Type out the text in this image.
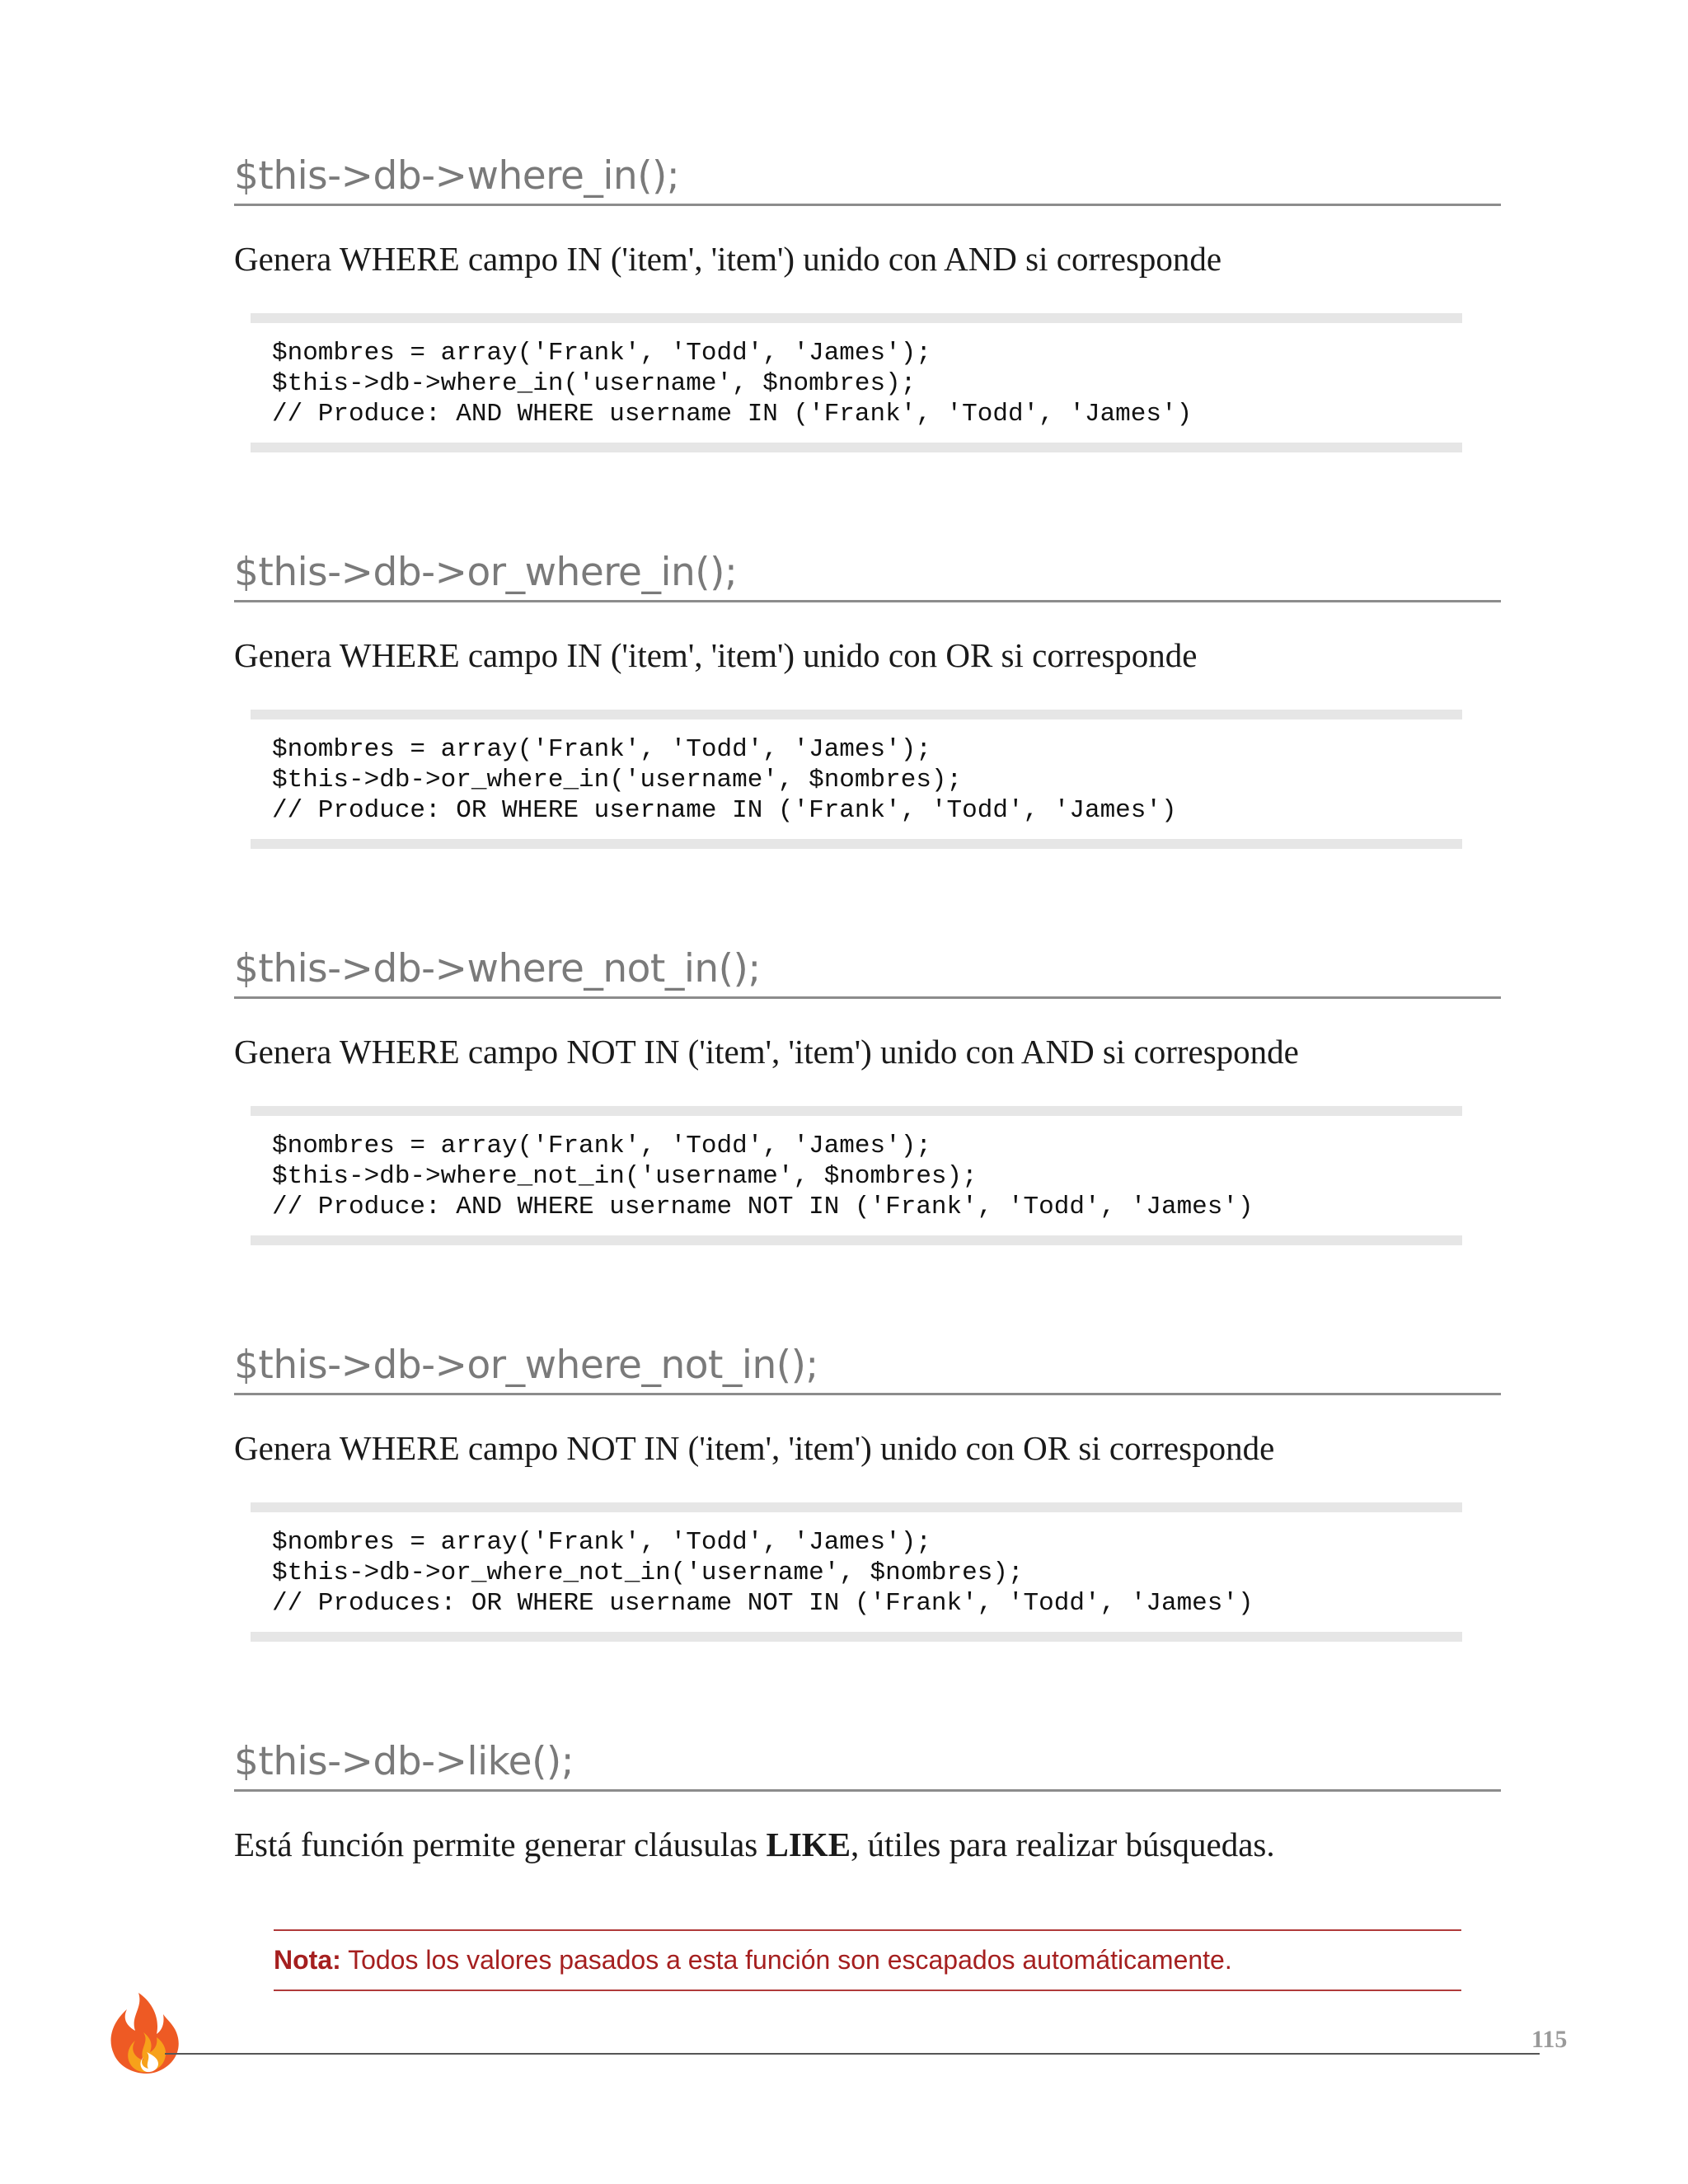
$this->db->where_in();
Genera WHERE campo IN ('item', 'item') unido con AND si corresponde
$nombres = array('Frank', 'Todd', 'James');
$this->db->where_in('username', $nombres);
// Produce: AND WHERE username IN ('Frank', 'Todd', 'James')
$this->db->or_where_in();
Genera WHERE campo IN ('item', 'item') unido con OR si corresponde
$nombres = array('Frank', 'Todd', 'James');
$this->db->or_where_in('username', $nombres);
// Produce: OR WHERE username IN ('Frank', 'Todd', 'James')
$this->db->where_not_in();
Genera WHERE campo NOT IN ('item', 'item') unido con AND si corresponde
$nombres = array('Frank', 'Todd', 'James');
$this->db->where_not_in('username', $nombres);
// Produce: AND WHERE username NOT IN ('Frank', 'Todd', 'James')
$this->db->or_where_not_in();
Genera WHERE campo NOT IN ('item', 'item') unido con OR si corresponde
$nombres = array('Frank', 'Todd', 'James');
$this->db->or_where_not_in('username', $nombres);
// Produces: OR WHERE username NOT IN ('Frank', 'Todd', 'James')
$this->db->like();
Está función permite generar cláusulas LIKE, útiles para realizar búsquedas.
Nota: Todos los valores pasados a esta función son escapados automáticamente.
115
